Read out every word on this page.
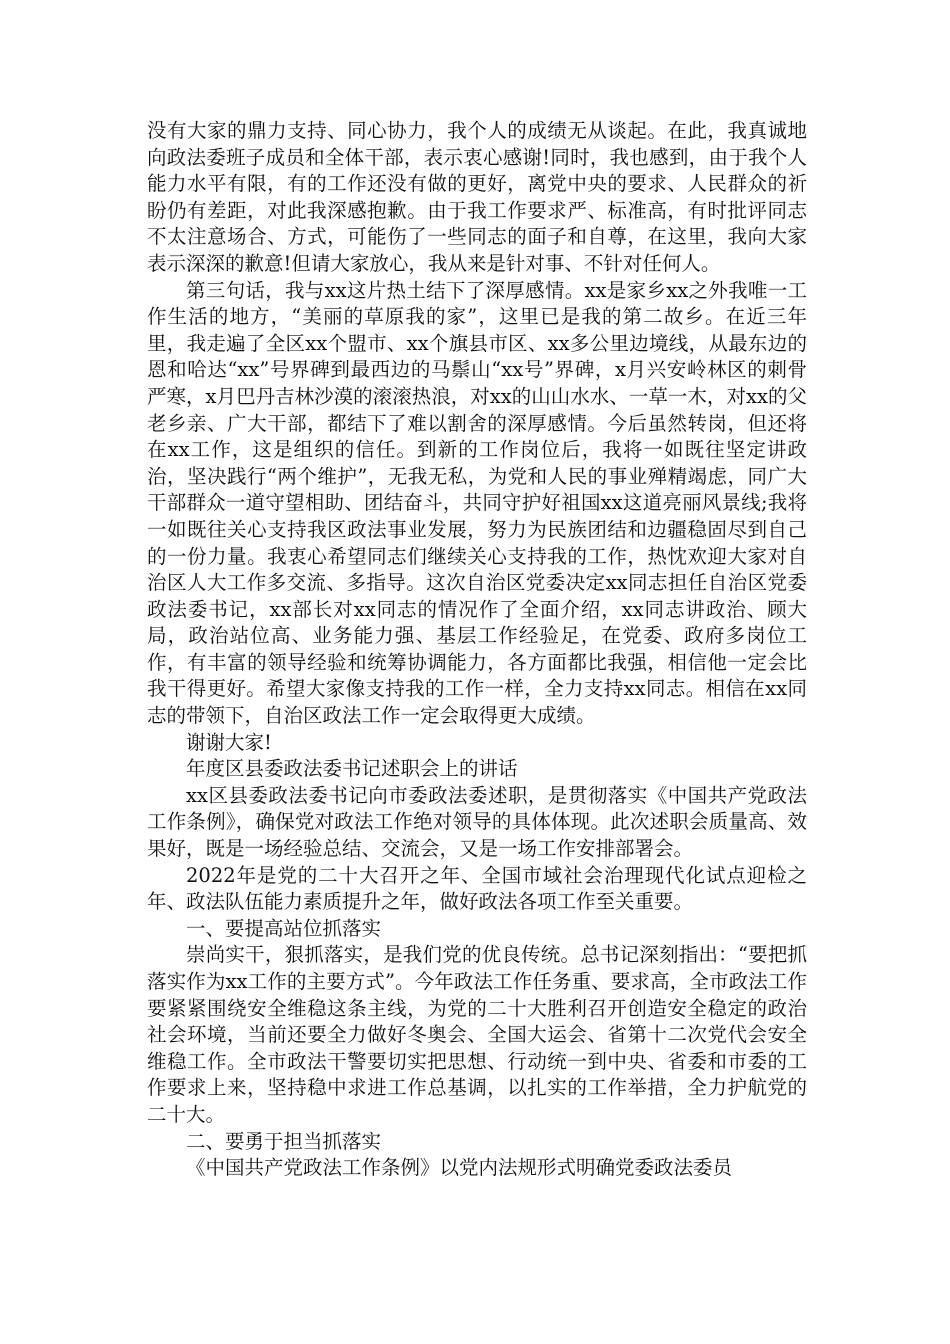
没有大家的鼎力支持、同心协力，我个人的成绩无从谈起。在此，我真诚地向政法委班子成员和全体干部，表示衷心感谢!同时，我也感到，由于我个人能力水平有限，有的工作还没有做的更好，离党中央的要求、人民群众的祈盼仍有差距，对此我深感抱歉。由于我工作要求严、标准高，有时批评同志不太注意场合、方式，可能伤了一些同志的面子和自尊，在这里，我向大家表示深深的歉意!但请大家放心，我从来是针对事、不针对任何人。

第三句话，我与xx这片热土结下了深厚感情。xx是家乡xx之外我唯一工作生活的地方，“美丽的草原我的家”，这里已是我的第二故乡。在近三年里，我走遍了全区xx个盟市、xx个旗县市区、xx多公里边境线，从最东边的恩和哈达“xx”号界碑到最西边的马鬃山“xx号”界碑，x月兴安岭林区的刺骨严寒，x月巴丹吉林沙漠的滚滚热浪，对xx的山山水水、一草一木，对xx的父老乡亲、广大干部，都结下了难以割舍的深厚感情。今后虽然转岗，但还将在xx工作，这是组织的信任。到新的工作岗位后，我将一如既往坚定讲政治，坚决践行“两个维护”，无我无私，为党和人民的事业殚精竭虑，同广大干部群众一道守望相助、团结奋斗，共同守护好祖国xx这道亮丽风景线;我将一如既往关心支持我区政法事业发展，努力为民族团结和边疆稳固尽到自己的一份力量。我衷心希望同志们继续关心支持我的工作，热忱欢迎大家对自治区人大工作多交流、多指导。这次自治区党委决定xx同志担任自治区党委政法委书记，xx部长对xx同志的情况作了全面介绍，xx同志讲政治、顾大局，政治站位高、业务能力强、基层工作经验足，在党委、政府多岗位工作，有丰富的领导经验和统筹协调能力，各方面都比我强，相信他一定会比我干得更好。希望大家像支持我的工作一样，全力支持xx同志。相信在xx同志的带领下，自治区政法工作一定会取得更大成绩。

谢谢大家!

年度区县委政法委书记述职会上的讲话

xx区县委政法委书记向市委政法委述职，是贯彻落实《中国共产党政法工作条例》，确保党对政法工作绝对领导的具体体现。此次述职会质量高、效果好，既是一场经验总结、交流会，又是一场工作安排部署会。

2022年是党的二十大召开之年、全国市域社会治理现代化试点迎检之年、政法队伍能力素质提升之年，做好政法各项工作至关重要。

一、要提高站位抓落实

崇尚实干，狠抓落实，是我们党的优良传统。总书记深刻指出：“要把抓落实作为xx工作的主要方式”。今年政法工作任务重、要求高，全市政法工作要紧紧围绕安全维稳这条主线，为党的二十大胜利召开创造安全稳定的政治社会环境，当前还要全力做好冬奥会、全国大运会、省第十二次党代会安全维稳工作。全市政法干警要切实把思想、行动统一到中央、省委和市委的工作要求上来，坚持稳中求进工作总基调，以扎实的工作举措，全力护航党的二十大。

二、要勇于担当抓落实

《中国共产党政法工作条例》以党内法规形式明确党委政法委员
